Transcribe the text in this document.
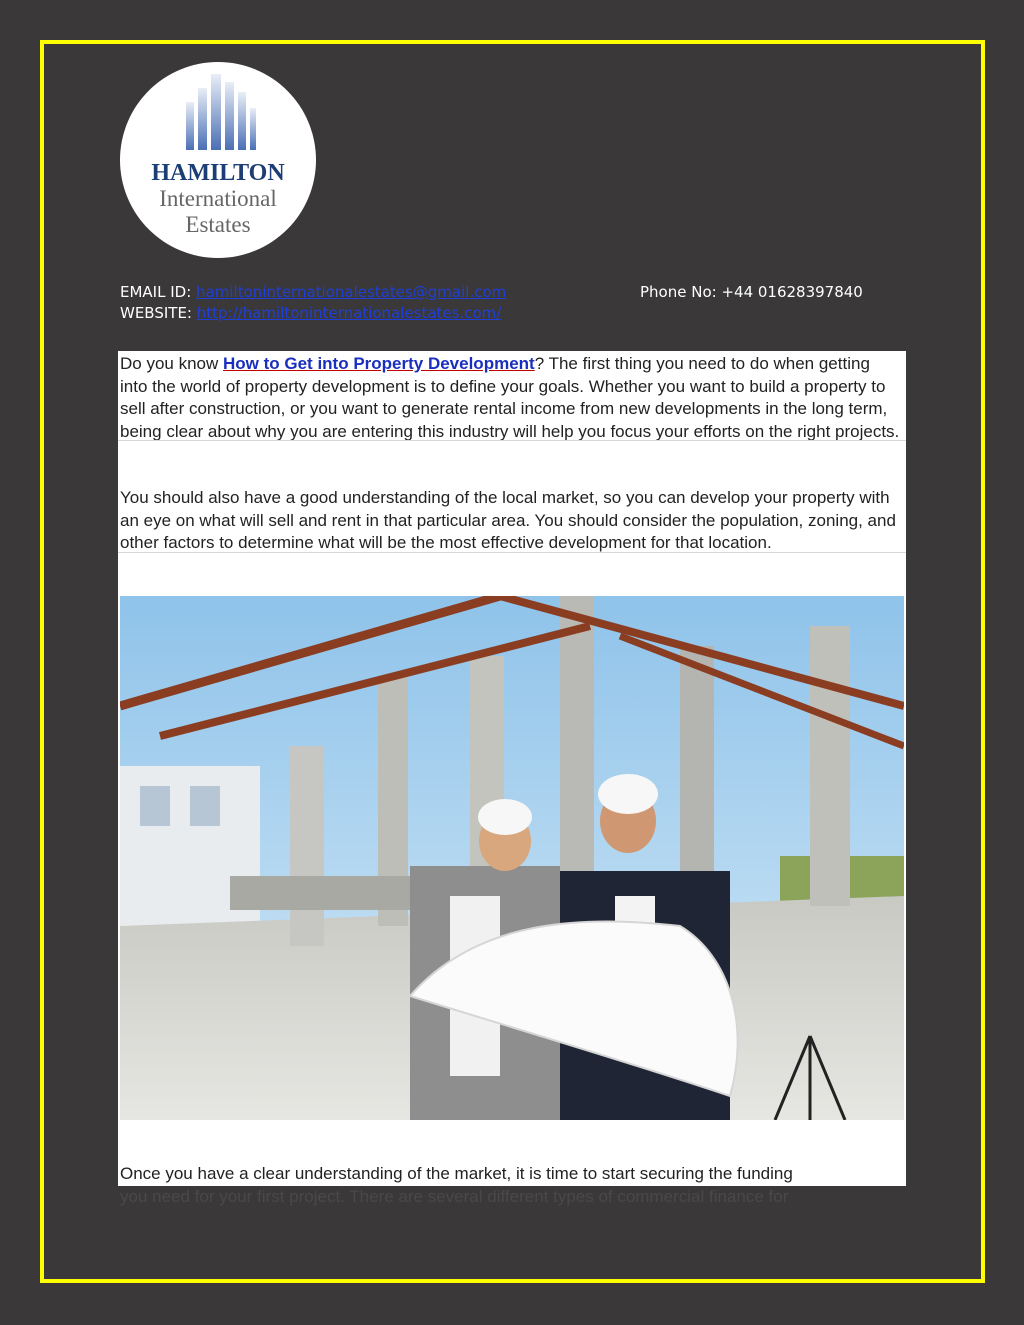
HAMILTON
International
Estates
EMAIL ID: hamiltoninternationalestates@gmail.com
WEBSITE: http://hamiltoninternationalestates.com/
Phone No: +44 01628397840

Do you know How to Get into Property Development? The first thing you need to do when getting into the world of property development is to define your goals. Whether you want to build a property to sell after construction, or you want to generate rental income from new developments in the long term, being clear about why you are entering this industry will help you focus your efforts on the right projects.

You should also have a good understanding of the local market, so you can develop your property with an eye on what will sell and rent in that particular area. You should consider the population, zoning, and other factors to determine what will be the most effective development for that location.

Once you have a clear understanding of the market, it is time to start securing the funding

you need for your first project. There are several different types of commercial finance for
